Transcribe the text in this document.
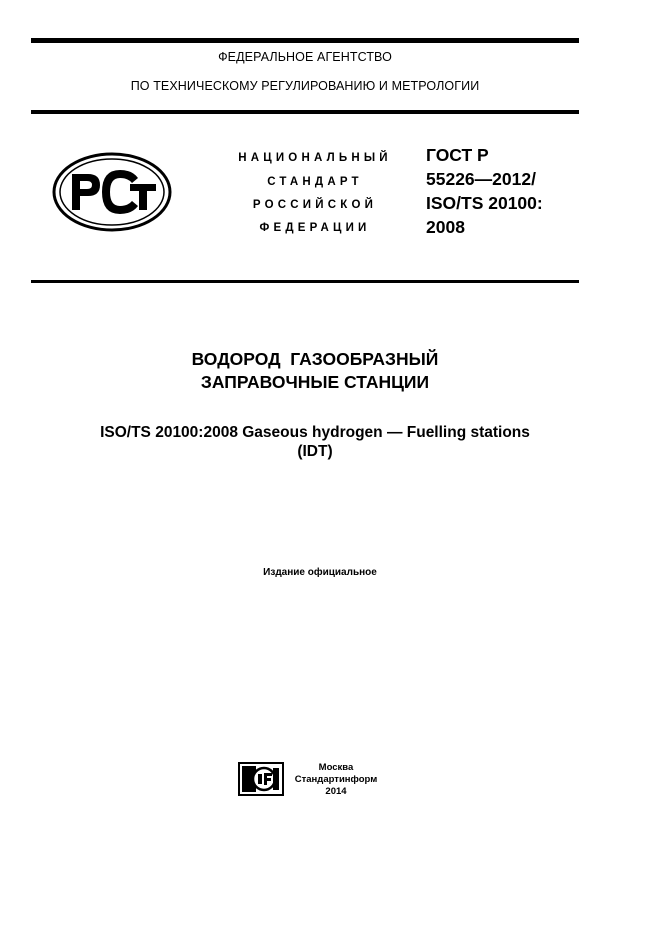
ФЕДЕРАЛЬНОЕ АГЕНТСТВО
ПО ТЕХНИЧЕСКОМУ РЕГУЛИРОВАНИЮ И МЕТРОЛОГИИ
НАЦИОНАЛЬНЫЙ
СТАНДАРТ
РОССИЙСКОЙ
ФЕДЕРАЦИИ
ГОСТ Р
55226—2012/
ISO/TS 20100:
2008
ВОДОРОД  ГАЗООБРАЗНЫЙ
ЗАПРАВОЧНЫЕ СТАНЦИИ
ISO/TS 20100:2008 Gaseous hydrogen — Fuelling stations
(IDT)
Издание официальное
Москва
Стандартинформ
2014
